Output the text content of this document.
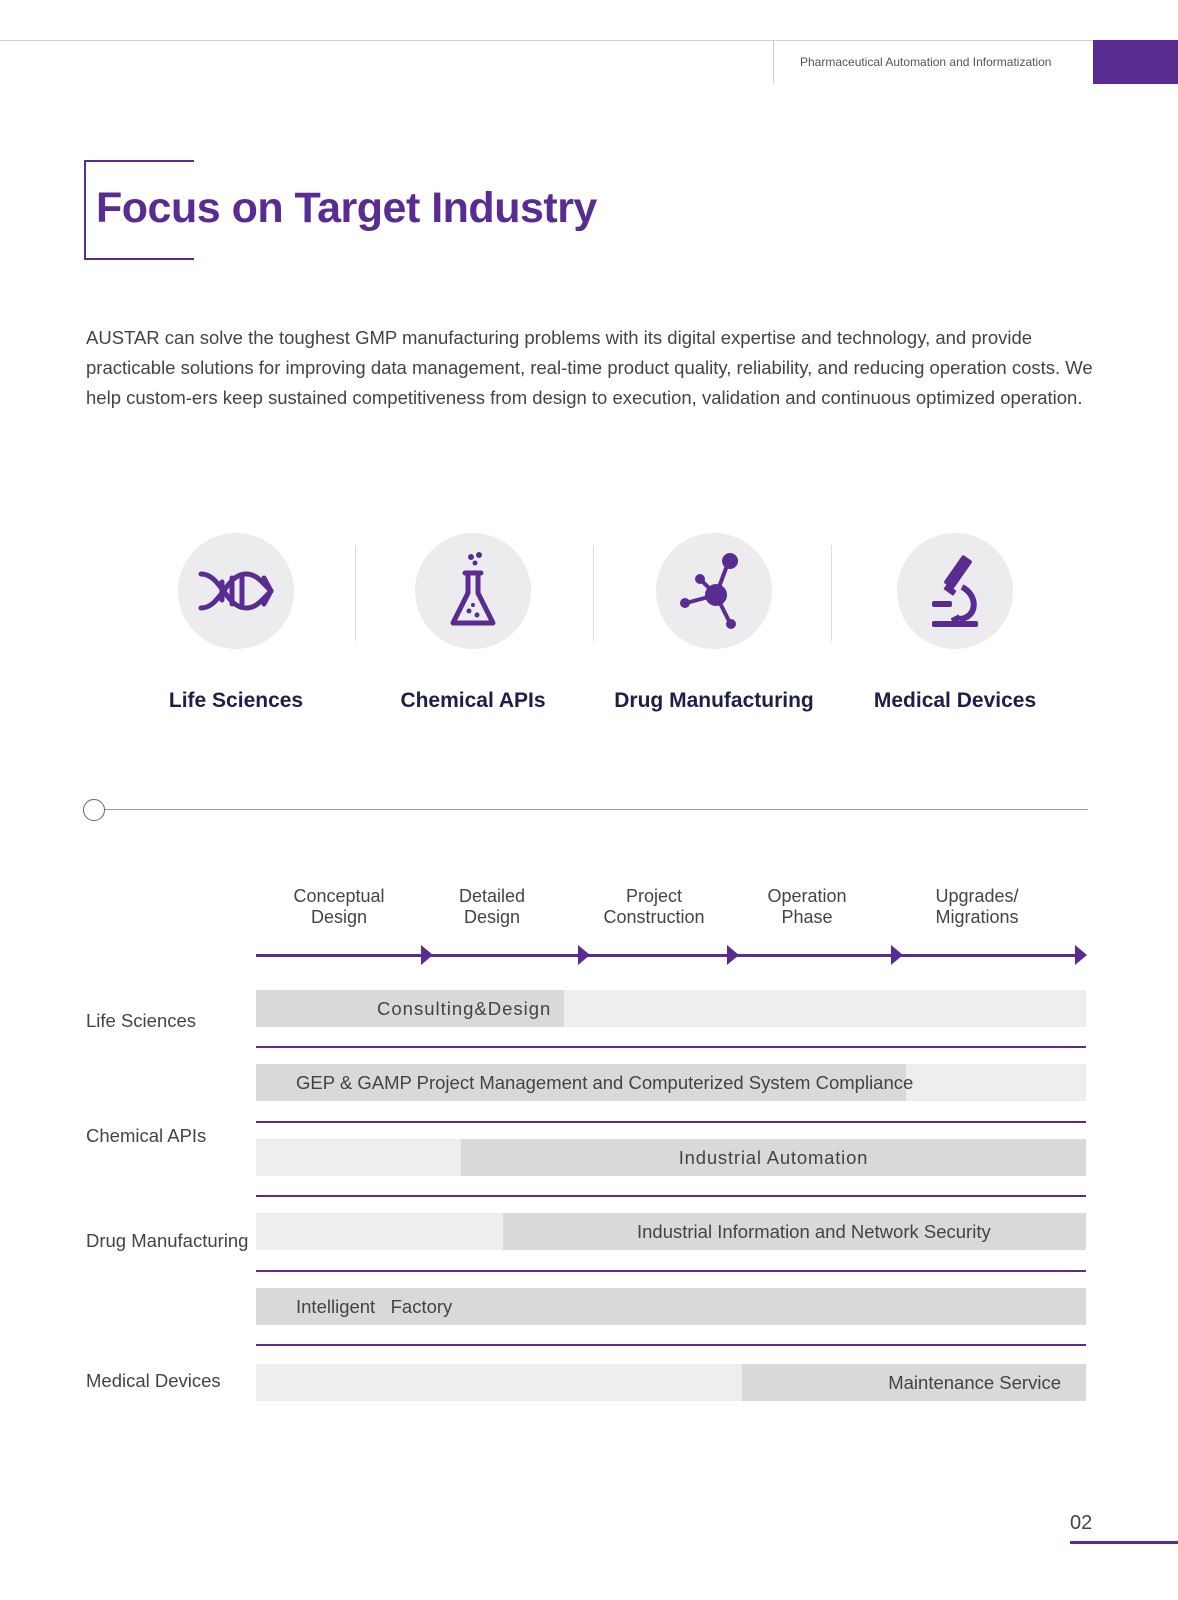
Pharmaceutical Automation and Informatization
Focus on Target Industry

AUSTAR can solve the toughest GMP manufacturing problems with its digital expertise and technology, and provide practicable solutions for improving data management, real-time product quality, reliability, and reducing operation costs. We help custom-ers keep sustained competitiveness from design to execution, validation and continuous optimized operation.

Life Sciences	Chemical APIs	Drug Manufacturing	Medical Devices
Conceptual
Design
Detailed
Design
Project
Construction
Operation
Phase
Upgrades/
Migrations
Life Sciences
Chemical APIs
Drug Manufacturing
Medical Devices
Consulting&Design
GEP & GAMP Project Management and Computerized System Compliance
Industrial Automation
Industrial Information and Network Security
Intelligent   Factory
Maintenance Service
02
